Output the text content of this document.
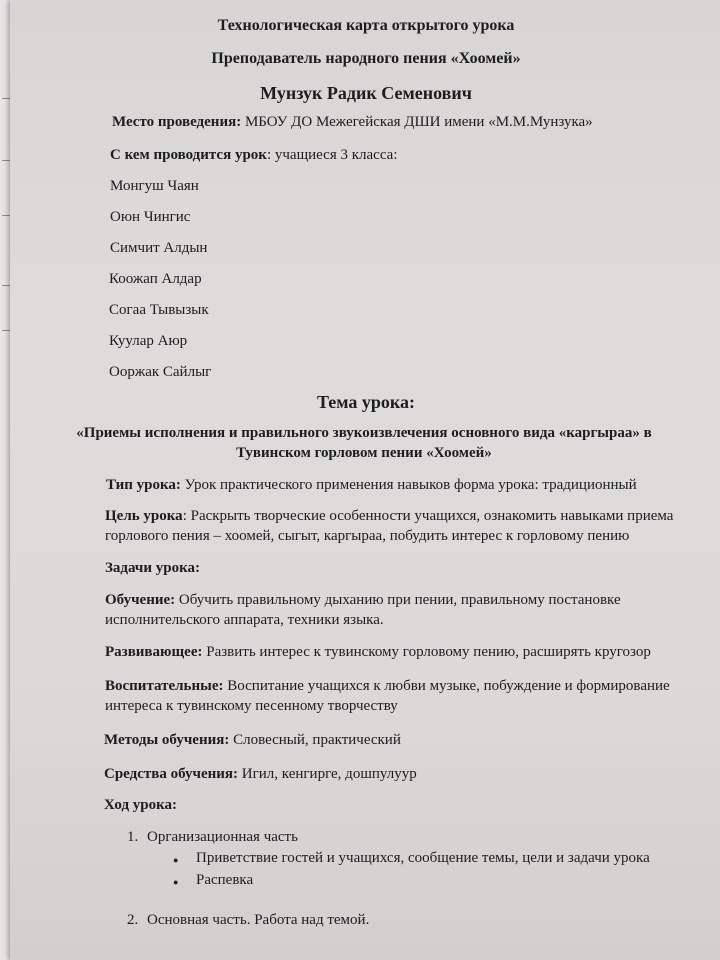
Технологическая карта открытого урока
Преподаватель народного пения «Хоомей»
Мунзук Радик Семенович
Место проведения: МБОУ ДО Межегейская ДШИ имени «М.М.Мунзука»
С кем проводится урок: учащиеся 3 класса:
Монгуш Чаян
Оюн Чингис
Симчит Алдын
Коожап Алдар
Согаа Тывызык
Куулар Аюр
Ооржак Сайлыг
Тема урока:
«Приемы исполнения и правильного звукоизвлечения основного вида «каргыраа» в
Тувинском горловом пении «Хоомей»
Тип урока: Урок практического применения навыков форма урока: традиционный
Цель урока: Раскрыть творческие особенности учащихся, ознакомить навыками приема
горлового пения – хоомей, сыгыт, каргыраа, побудить интерес к горловому пению
Задачи урока:
Обучение: Обучить правильному дыханию при пении, правильному постановке
исполнительского аппарата, техники языка.
Развивающее: Развить интерес к тувинскому горловому пению, расширять кругозор
Воспитательные: Воспитание учащихся к любви музыке, побуждение и формирование
интереса к тувинскому песенному творчеству
Методы обучения: Словесный, практический
Средства обучения: Игил, кенгирге, дошпулуур
Ход урока:
1. Организационная часть
● Приветствие гостей и учащихся, сообщение темы, цели и задачи урока
● Распевка
2. Основная часть. Работа над темой.
